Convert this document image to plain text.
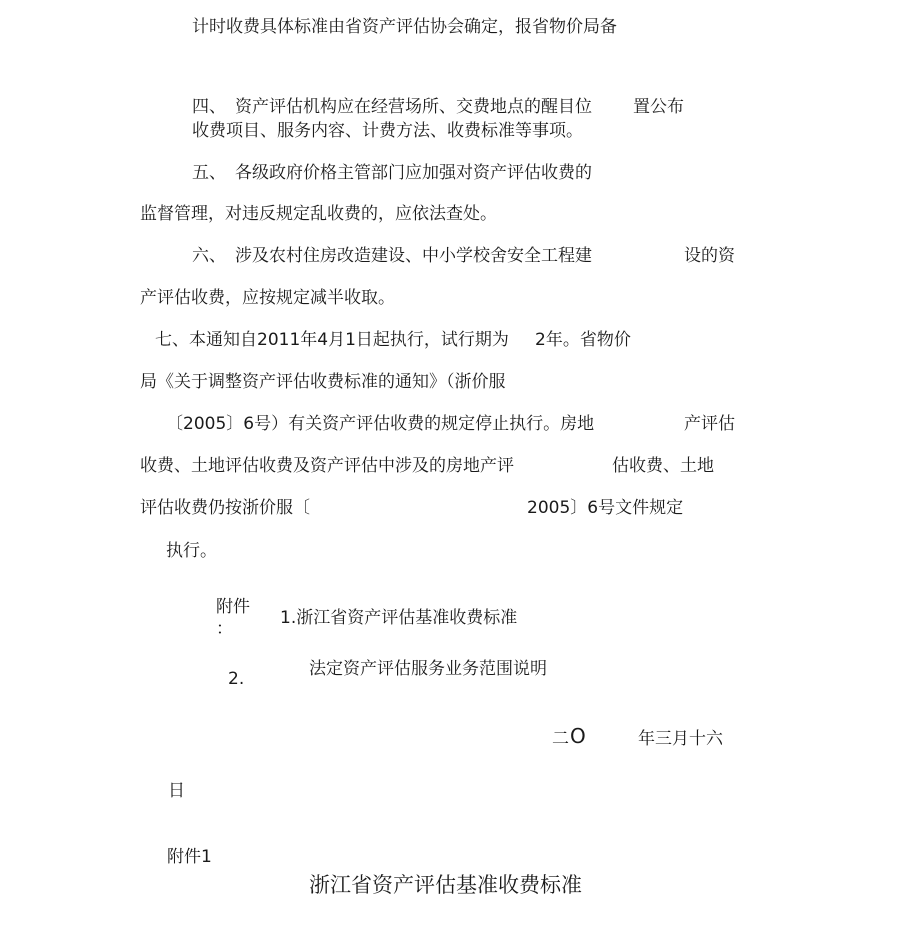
计时收费具体标准由省资产评估协会确定，报省物价局备
四、 资产评估机构应在经营场所、交费地点的醒目位 置公布
收费项目、服务内容、计费方法、收费标准等事项。
五、 各级政府价格主管部门应加强对资产评估收费的
监督管理，对违反规定乱收费的，应依法查处。
六、 涉及农村住房改造建设、中小学校舍安全工程建	设的资
产评估收费，应按规定减半收取。
七、本通知自2011年4月1日起执行，试行期为 2年。省物价
局《关于调整资产评估收费标准的通知》（浙价服
〔2005〕6号）有关资产评估收费的规定停止执行。房地	产评估
收费、土地评估收费及资产评估中涉及的房地产评	估收费、土地
评估收费仍按浙价服〔	2005〕6号文件规定
执行。
附件
：
1.浙江省资产评估基准收费标准
2.	法定资产评估服务业务范围说明
二 O	年三月十六
日
附件1
浙江省资产评估基准收费标准
